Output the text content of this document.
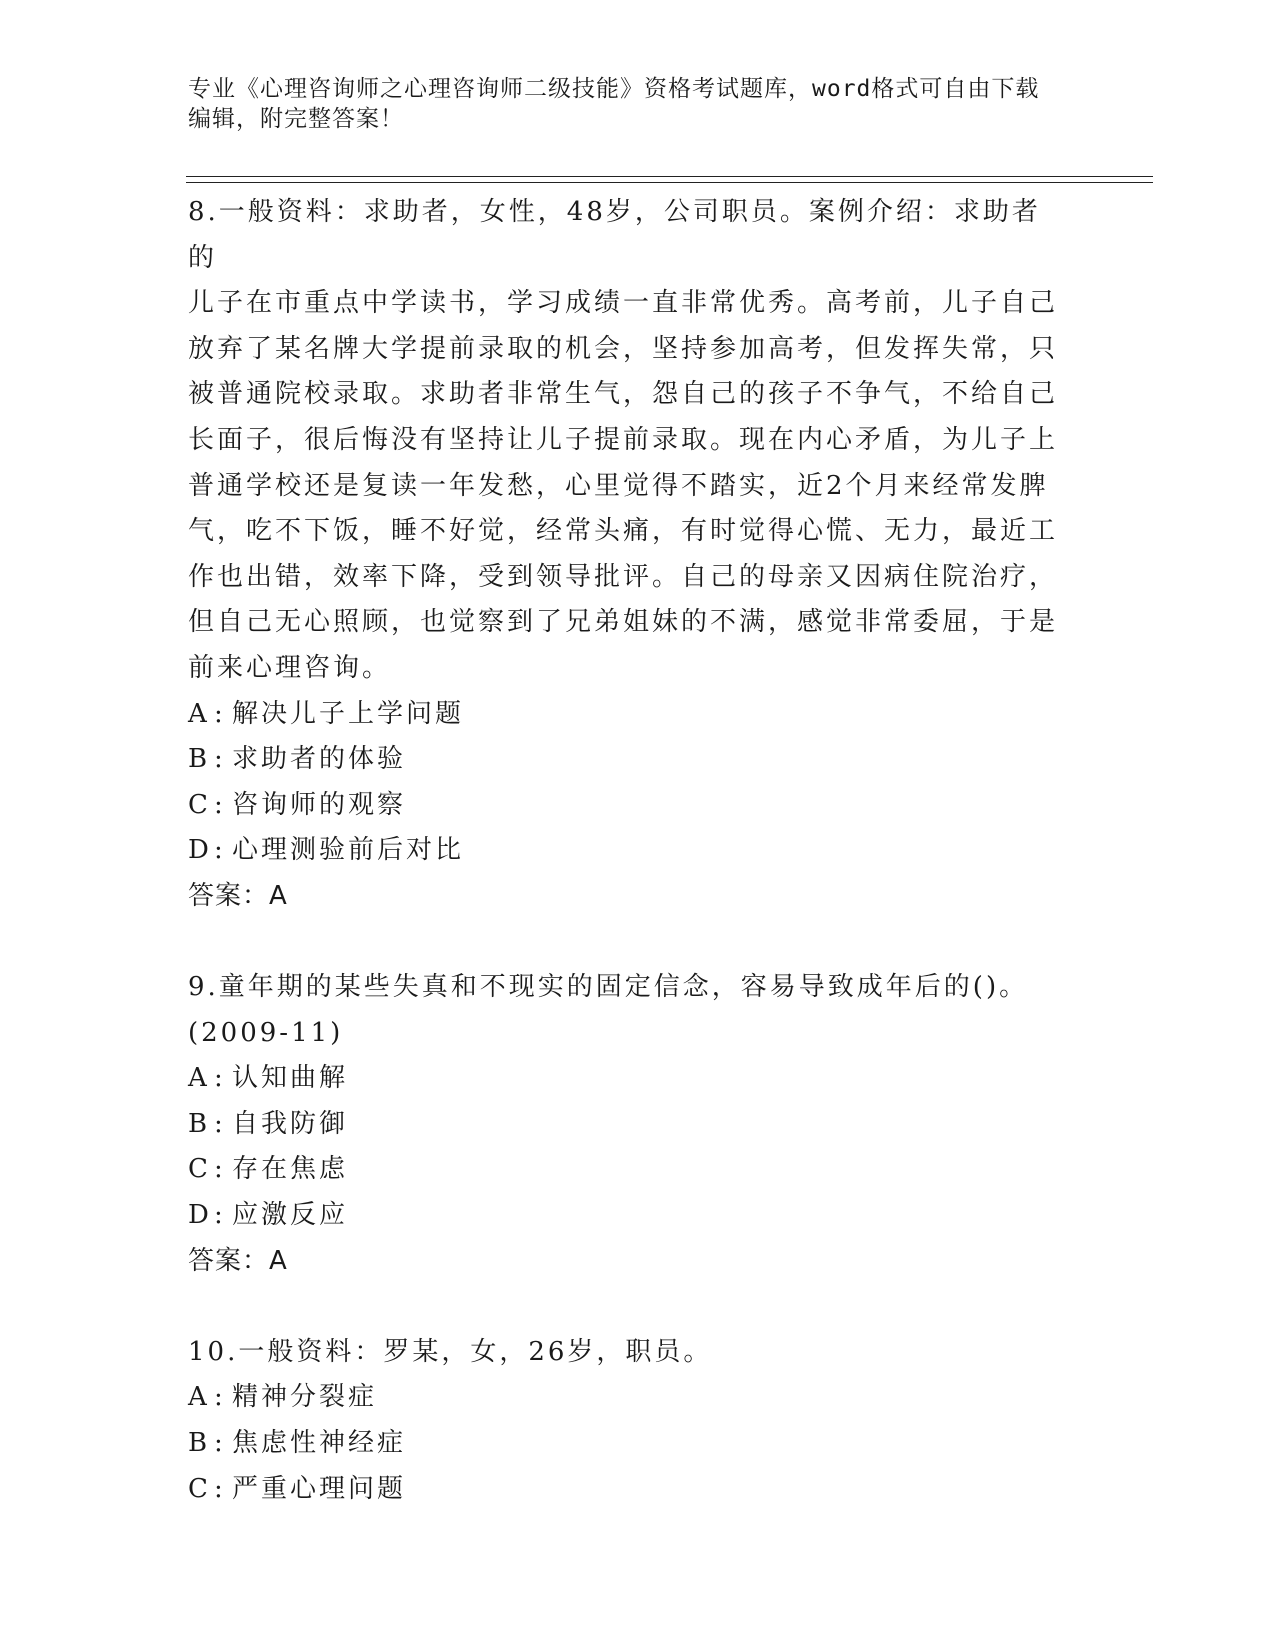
专业《心理咨询师之心理咨询师二级技能》资格考试题库，word格式可自由下载
编辑，附完整答案！
8.一般资料：求助者，女性，48岁，公司职员。案例介绍：求助者的
儿子在市重点中学读书，学习成绩一直非常优秀。高考前，儿子自己
放弃了某名牌大学提前录取的机会，坚持参加高考，但发挥失常，只
被普通院校录取。求助者非常生气，怨自己的孩子不争气，不给自己
长面子，很后悔没有坚持让儿子提前录取。现在内心矛盾，为儿子上
普通学校还是复读一年发愁，心里觉得不踏实，近2个月来经常发脾
气，吃不下饭，睡不好觉，经常头痛，有时觉得心慌、无力，最近工
作也出错，效率下降，受到领导批评。自己的母亲又因病住院治疗，
但自己无心照顾，也觉察到了兄弟姐妹的不满，感觉非常委屈，于是
前来心理咨询。
A : 解决儿子上学问题
B : 求助者的体验
C : 咨询师的观察
D: 心理测验前后对比
答案：A
9.童年期的某些失真和不现实的固定信念，容易导致成年后的()。
(2009-11)
A : 认知曲解
B : 自我防御
C : 存在焦虑
D: 应激反应
答案：A
10.一般资料：罗某，女，26岁，职员。
A : 精神分裂症
B : 焦虑性神经症
C : 严重心理问题
